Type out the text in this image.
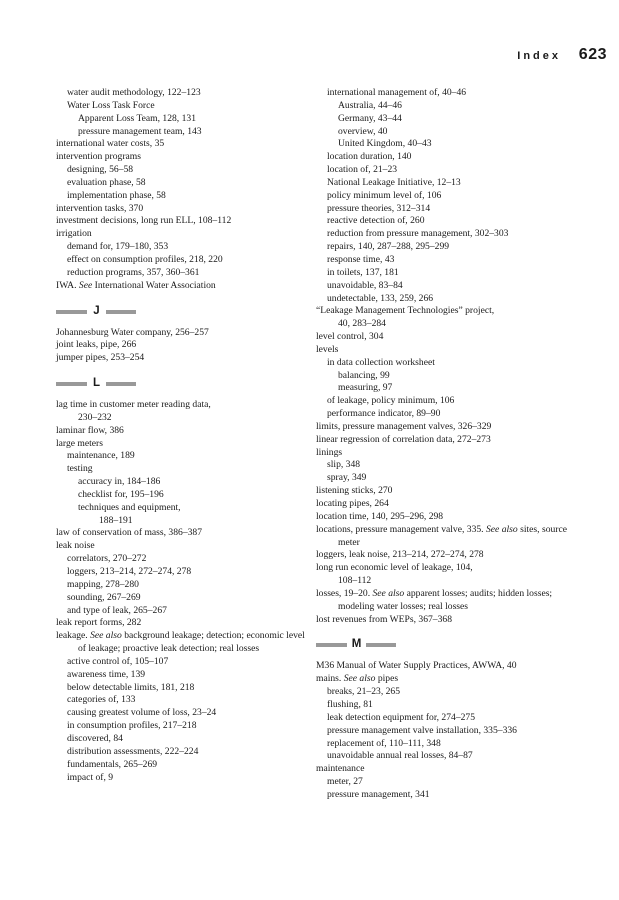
Index 623
water audit methodology, 122–123
Water Loss Task Force
Apparent Loss Team, 128, 131
pressure management team, 143
international water costs, 35
intervention programs
designing, 56–58
evaluation phase, 58
implementation phase, 58
intervention tasks, 370
investment decisions, long run ELL, 108–112
irrigation
demand for, 179–180, 353
effect on consumption profiles, 218, 220
reduction programs, 357, 360–361
IWA. See International Water Association
J
Johannesburg Water company, 256–257
joint leaks, pipe, 266
jumper pipes, 253–254
L
lag time in customer meter reading data,
230–232
laminar flow, 386
large meters
maintenance, 189
testing
accuracy in, 184–186
checklist for, 195–196
techniques and equipment,
188–191
law of conservation of mass, 386–387
leak noise
correlators, 270–272
loggers, 213–214, 272–274, 278
mapping, 278–280
sounding, 267–269
and type of leak, 265–267
leak report forms, 282
leakage. See also background leakage; detection; economic level of leakage; proactive leak detection; real losses
active control of, 105–107
awareness time, 139
below detectable limits, 181, 218
categories of, 133
causing greatest volume of loss, 23–24
in consumption profiles, 217–218
discovered, 84
distribution assessments, 222–224
fundamentals, 265–269
impact of, 9
international management of, 40–46
Australia, 44–46
Germany, 43–44
overview, 40
United Kingdom, 40–43
location duration, 140
location of, 21–23
National Leakage Initiative, 12–13
policy minimum level of, 106
pressure theories, 312–314
reactive detection of, 260
reduction from pressure management, 302–303
repairs, 140, 287–288, 295–299
response time, 43
in toilets, 137, 181
unavoidable, 83–84
undetectable, 133, 259, 266
“Leakage Management Technologies” project,
40, 283–284
level control, 304
levels
in data collection worksheet
balancing, 99
measuring, 97
of leakage, policy minimum, 106
performance indicator, 89–90
limits, pressure management valves, 326–329
linear regression of correlation data, 272–273
linings
slip, 348
spray, 349
listening sticks, 270
locating pipes, 264
location time, 140, 295–296, 298
locations, pressure management valve, 335. See also sites, source meter
loggers, leak noise, 213–214, 272–274, 278
long run economic level of leakage, 104,
108–112
losses, 19–20. See also apparent losses; audits; hidden losses; modeling water losses; real losses
lost revenues from WEPs, 367–368
M
M36 Manual of Water Supply Practices, AWWA, 40
mains. See also pipes
breaks, 21–23, 265
flushing, 81
leak detection equipment for, 274–275
pressure management valve installation, 335–336
replacement of, 110–111, 348
unavoidable annual real losses, 84–87
maintenance
meter, 27
pressure management, 341
